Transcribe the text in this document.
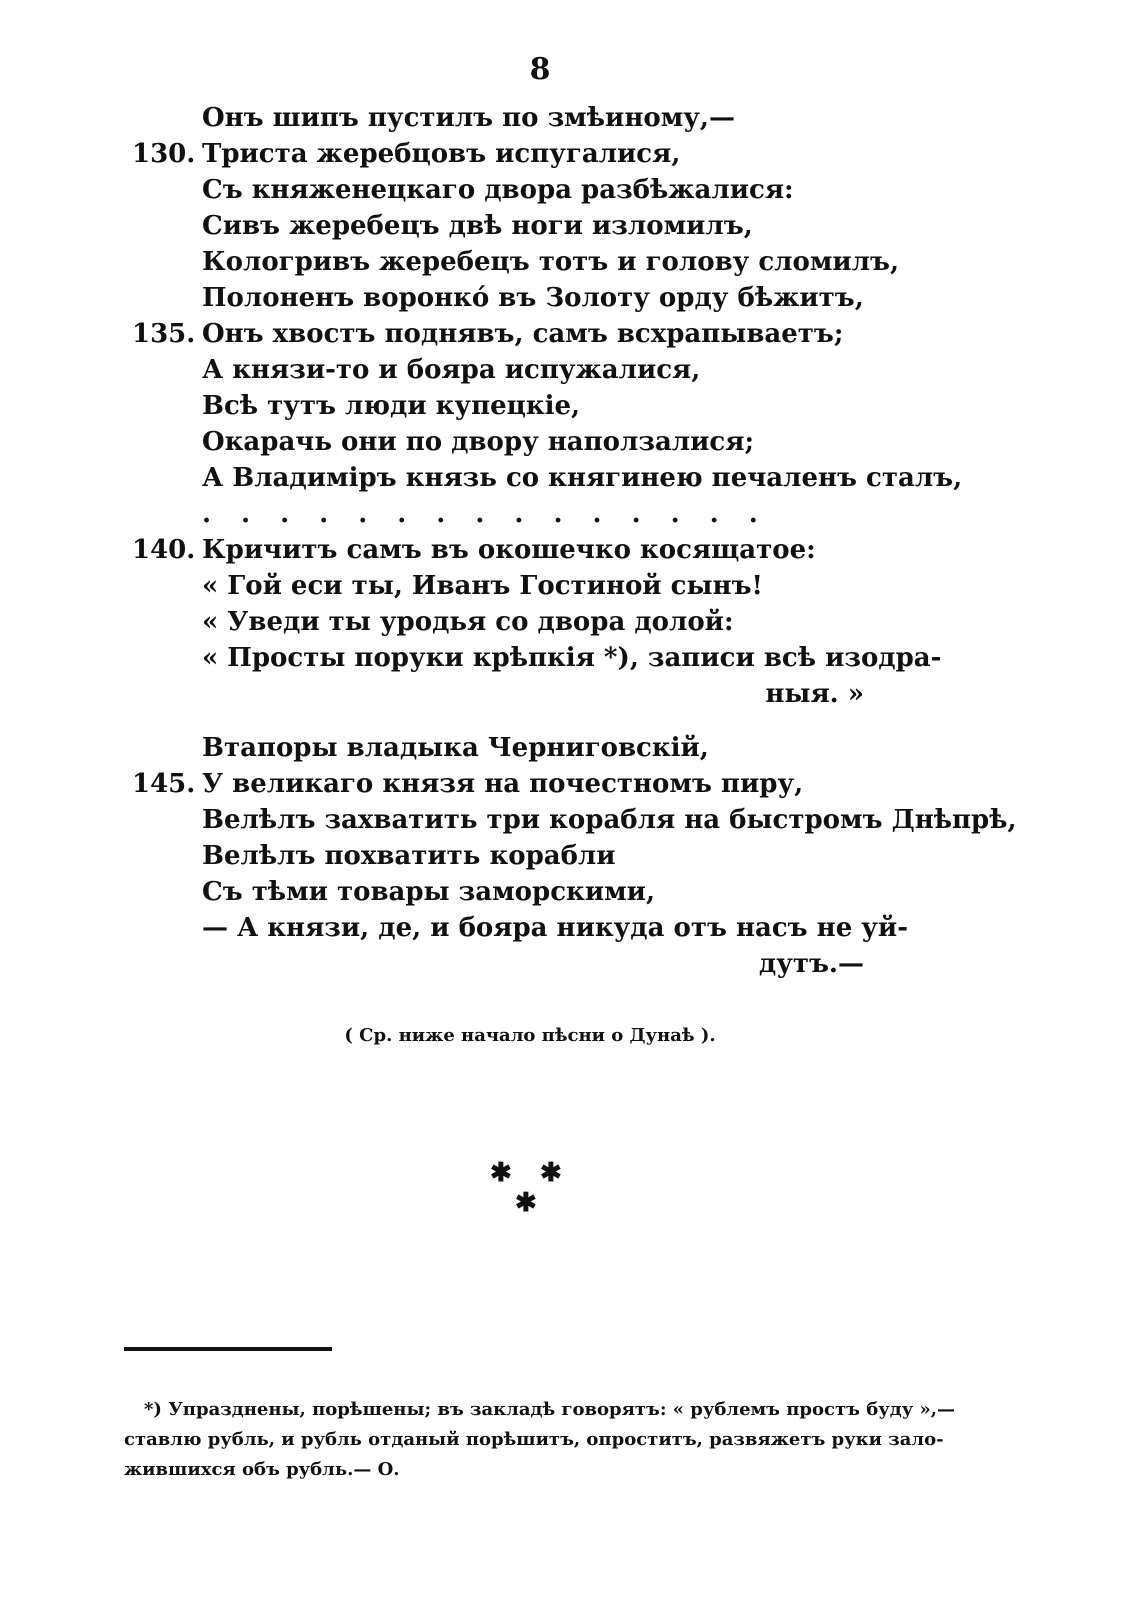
8
Онъ шипъ пустилъ по змѣиному,—
130. Триста жеребцовъ испугалися,
Съ княженецкаго двора разбѣжалися:
Сивъ жеребецъ двѣ ноги изломилъ,
Кологривъ жеребецъ тотъ и голову сломилъ,
Полоненъ воронкó въ Золоту орду бѣжитъ,
135. Онъ хвостъ поднявъ, самъ всхрапываетъ;
А князи-то и бояра испужалися,
Всѣ тутъ люди купецкіе,
Окарачь они по двору наползалися;
А Владиміръ князь со княгинею печаленъ сталъ,
...............
140. Кричитъ самъ въ окошечко косящатое:
« Гой еси ты, Иванъ Гостиной сынъ!
« Уведи ты уродья со двора долой:
« Просты поруки крѣпкія *), записи всѣ изодра-
ныя. »
Втапоры владыка Черниговскій,
145. У великаго князя на почестномъ пиру,
Велѣлъ захватить три корабля на быстромъ Днѣпрѣ,
Велѣлъ похватить корабли
Съ тѣми товары заморскими,
— А князи, де, и бояра никуда отъ насъ не уй-
дутъ.—
( Ср. ниже начало пѣсни о Дунаѣ ).
✱ ✱
✱
*) Упразднены, порѣшены; въ закладѣ говорятъ: « рублемъ простъ буду »,—
ставлю рубль, и рубль отданый порѣшитъ, опроститъ, развяжетъ руки зало-
жившихся объ рубль.— О.
